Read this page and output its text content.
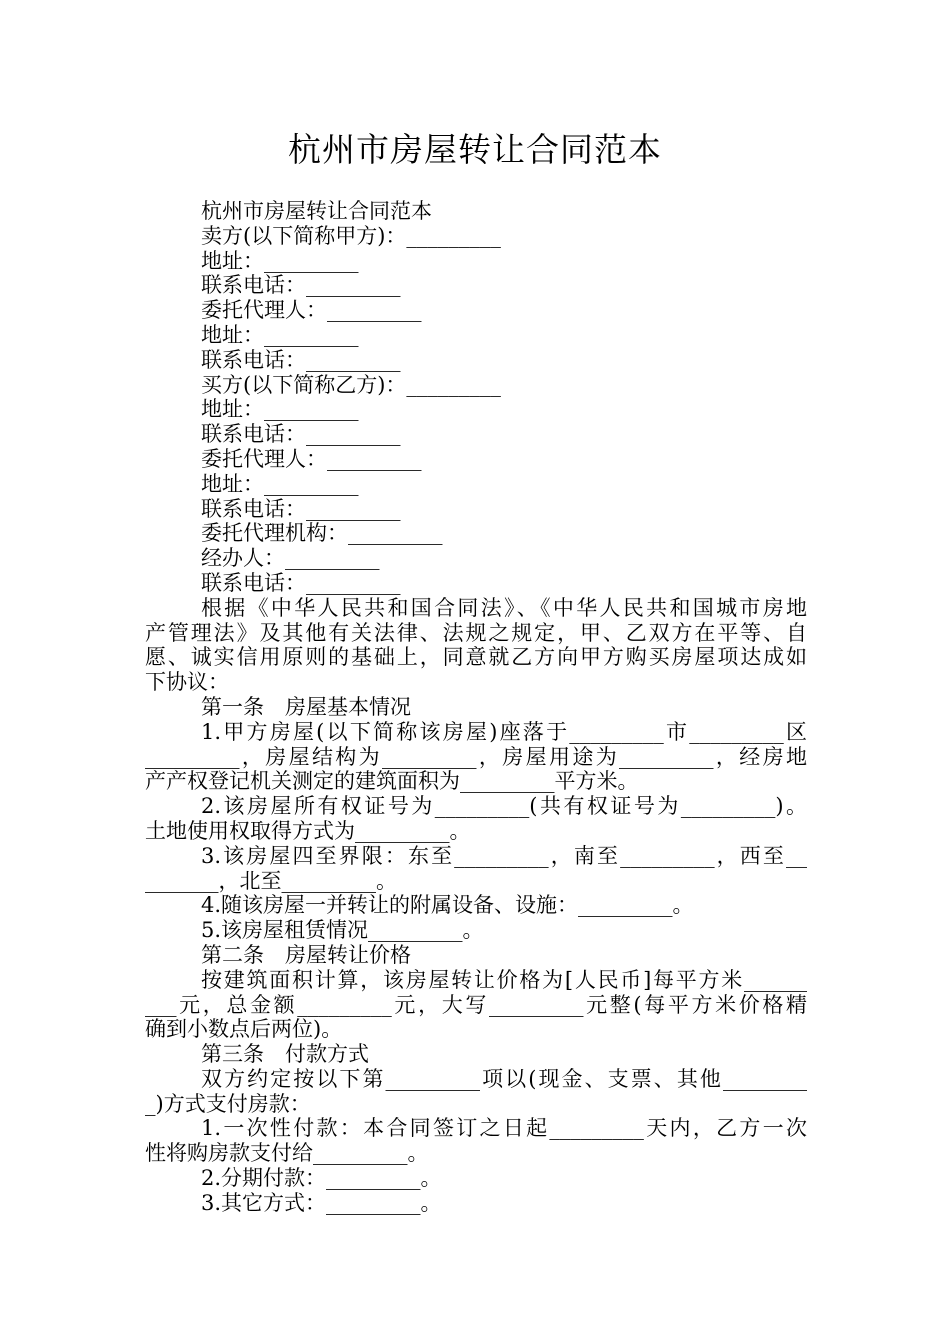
杭州市房屋转让合同范本
杭州市房屋转让合同范本
卖方(以下简称甲方)：_________
地址：_________
联系电话：_________
委托代理人：_________
地址：_________
联系电话：_________
买方(以下简称乙方)：_________
地址：_________
联系电话：_________
委托代理人：_________
地址：_________
联系电话：_________
委托代理机构：_________
经办人：_________
联系电话：_________
根据《中华人民共和国合同法》、《中华人民共和国城市房地
产管理法》及其他有关法律、法规之规定，甲、乙双方在平等、自
愿、诚实信用原则的基础上，同意就乙方向甲方购买房屋项达成如
下协议：
第一条　房屋基本情况
1.甲方房屋(以下简称该房屋)座落于_________市_________区
_________，房屋结构为_________，房屋用途为_________，经房地
产产权登记机关测定的建筑面积为_________平方米。
2.该房屋所有权证号为_________(共有权证号为_________)。
土地使用权取得方式为_________。
3.该房屋四至界限：东至_________，南至_________，西至__
_______，北至_________。
4.随该房屋一并转让的附属设备、设施：_________。
5.该房屋租赁情况_________。
第二条　房屋转让价格
按建筑面积计算，该房屋转让价格为[人民币]每平方米______
___元，总金额_________元，大写_________元整(每平方米价格精
确到小数点后两位)。
第三条　付款方式
双方约定按以下第_________项以(现金、支票、其他________
_)方式支付房款：
1.一次性付款：本合同签订之日起_________天内，乙方一次
性将购房款支付给_________。
2.分期付款：_________。
3.其它方式：_________。
